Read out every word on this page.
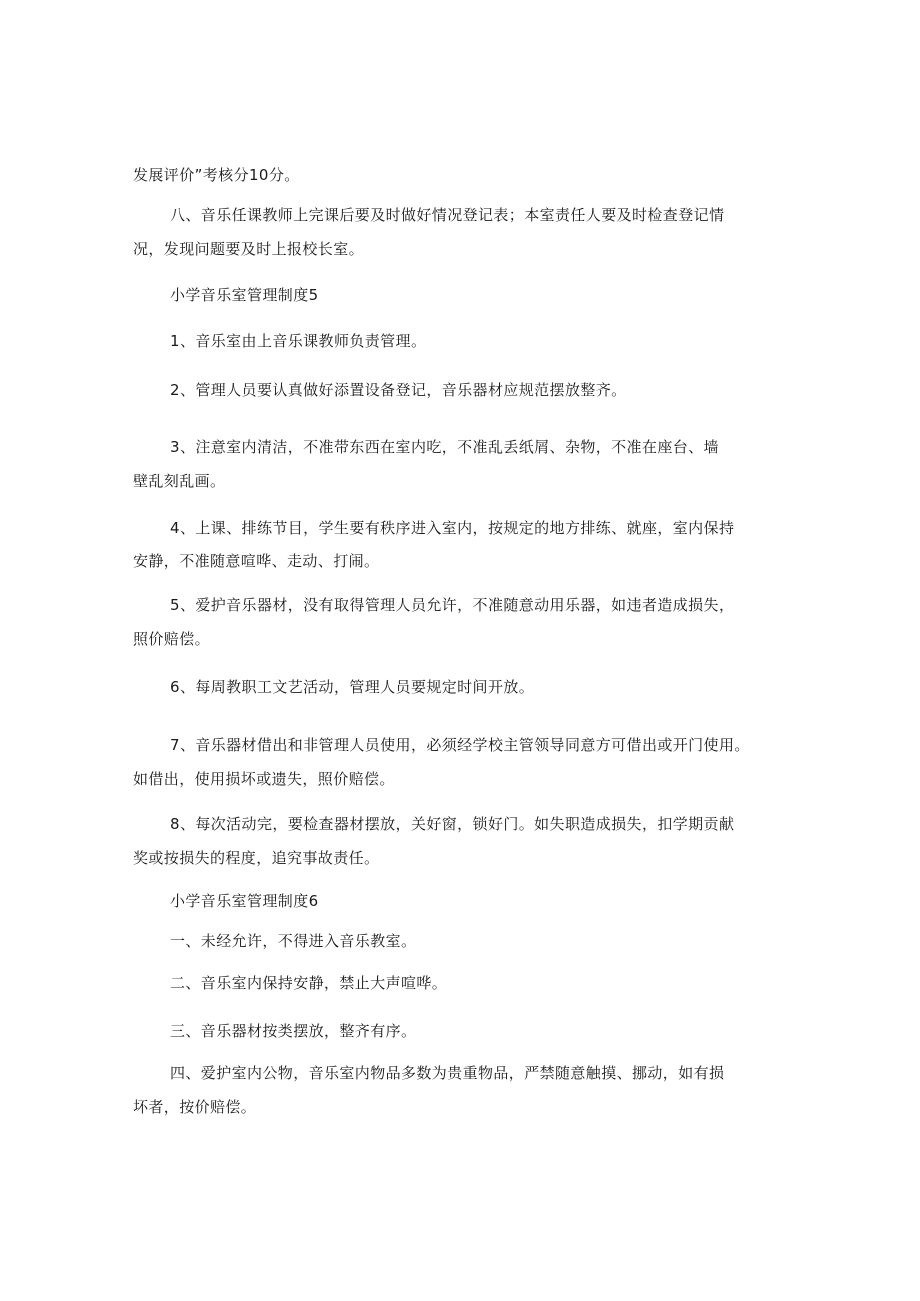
发展评价”考核分10分。
八、音乐任课教师上完课后要及时做好情况登记表；本室责任人要及时检查登记情
况，发现问题要及时上报校长室。
小学音乐室管理制度5
1、音乐室由上音乐课教师负责管理。
2、管理人员要认真做好添置设备登记，音乐器材应规范摆放整齐。
3、注意室内清洁，不准带东西在室内吃，不准乱丢纸屑、杂物，不准在座台、墙
壁乱刻乱画。
4、上课、排练节目，学生要有秩序进入室内，按规定的地方排练、就座，室内保持
安静，不准随意喧哗、走动、打闹。
5、爱护音乐器材，没有取得管理人员允许，不准随意动用乐器，如违者造成损失，
照价赔偿。
6、每周教职工文艺活动，管理人员要规定时间开放。
7、音乐器材借出和非管理人员使用，必须经学校主管领导同意方可借出或开门使用。
如借出，使用损坏或遗失，照价赔偿。
8、每次活动完，要检查器材摆放，关好窗，锁好门。如失职造成损失，扣学期贡献
奖或按损失的程度，追究事故责任。
小学音乐室管理制度6
一、未经允许，不得进入音乐教室。
二、音乐室内保持安静，禁止大声喧哗。
三、音乐器材按类摆放，整齐有序。
四、爱护室内公物，音乐室内物品多数为贵重物品，严禁随意触摸、挪动，如有损
坏者，按价赔偿。
